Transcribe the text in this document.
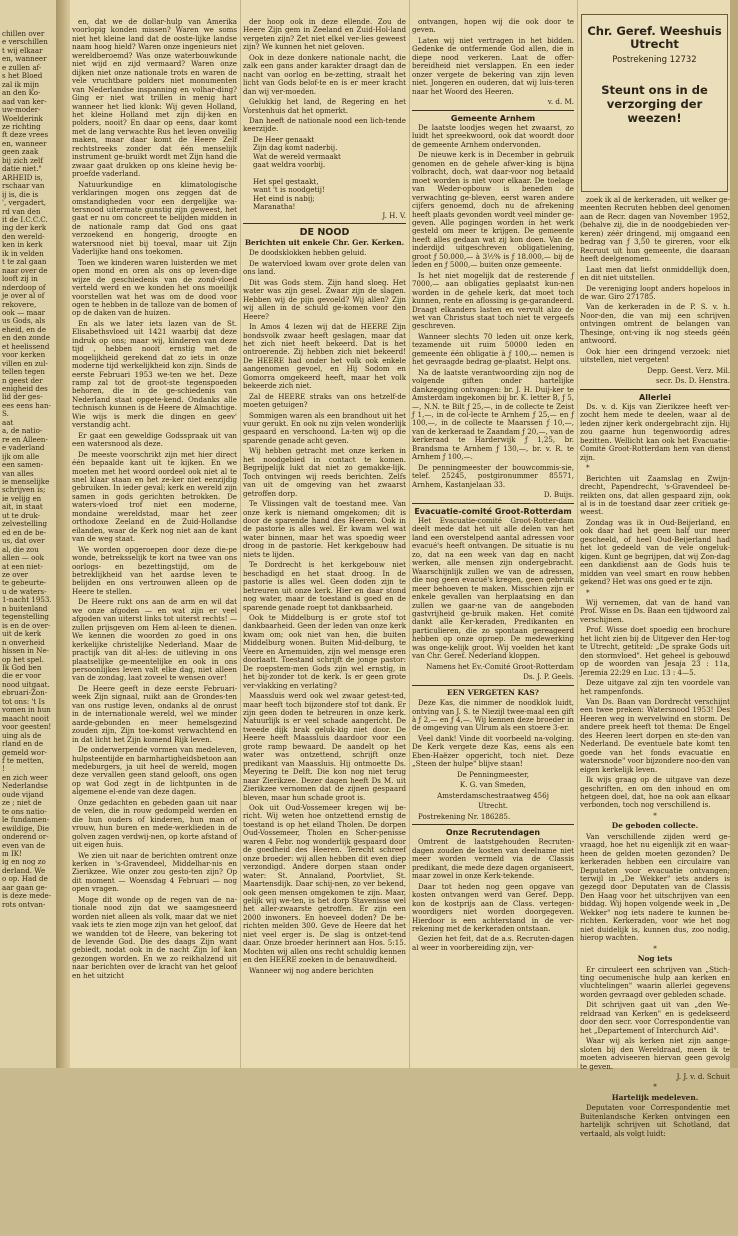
chillen over

e verschillen

t wij elkaar

en, wanneer

e zullen af-

s het Bloed

zal ik mijn

an den Ko-

aad van ker-

uw-moder-

Woelderink

ze richting

ft deze vrees

en, wanneer

geen zaak

bij zich zelf

datie niet."

ARHEID is,

rschaar van

ij is, die is

', vergadert,

rd van den

it de I.C.C.C.

ing der kerk

den wereld-

ken in kerk

ik in velden

t te zal gaan

naar over de

looft zij in

nderdoop of

je over al of

rekovere,

ook — maar

us Gods, als

eheid, en de

en den zonde

et heelissend

voor kerken

villen en zul-

tellen tegen

n geest der

enigheid des

lid der ges-

ees eens han-

S.

aat

a, de natio-

re en Alleen-

e vaderland

ijk om alle

een samen-

van alles

ie menselijke

schrijven is;

ie velijg en

ait, in staat

ut te druk-

zelvestelling

ed en de be-

us, dat over

al, die zou

allen — ook

at een niet-

ze over

te gebeurte-

u de waters-

1-nacht 1953.

n buitenland

tegenstelling

is en de over-

uit de kerk

n onverheid

hissen in Ne-

op het spel.

Ik God ben

die er voor

nood uitgaat.

ebruari-Zon-

tot ons: 't Is

vomen in hun

maacht nooit

voor geesten!

uing als de

rland en de

gemeld wor-

f te metten,

!

en zich weer

Nederlandse

oude vijand

ze ; niet de

te ons natio-

le fundamen-

ewildige, Die

onderend or-

even van de

m IK!

ig en nog zo

derland. We

o op. Had de

aar gaan ge-

is deze mede-

rots ontvan-

en, dat we de dollar-hulp van Amerika voorlopig konden missen? Waren we soms niet het kleine land dat de ooste-lijke landse naam hoog hield? Waren onze ingenieurs niet wereldberoemd? Was onze waterbouwkunde niet wijd en zijd vermaard? Waren onze dijken niet onze nationale trots en waren de vele vruchtbare polders niet monumenten van Nederlandse inspanning en volhar-ding? Ging er niet wat trillen in menig hart wanneer het lied klonk: Wij geven Holland, het kleine Holland met zijn dij-ken en polders, nooit? En daar op eens, daar komt met de lang verwachte Rus het leven onveilig maken, maar daar komt de Heere Zelf rechtstreeks zonder dat één menselijk instrument ge-bruikt wordt met Zijn hand die zwaar gaat drukken op ons kleine hevig be-proefde vaderland.

Natuurkundige en klimatologische verklaringen mogen ons zeggen dat de omstandigheden voor een dergelijke wa-tersnood uitermate gunstig zijn geweest, het gaat er nu om concreet te belijden midden in de nationale ramp dat God ons gaat verzoekend en hongerig, droogte en watersnood niet bij toeval, maar uit Zijn Vaderlijke hand ons toekomen.

Toen we kinderen waren luisterden we met open mond en oren als ons op leven-dige wijze de geschiedenis van de zond-vloed verteld werd en we konden het ons moeilijk voorstellen wat het was om de dood voor ogen te hebben in de talloze van de bomen of op de daken van de huizen.

En als we later iets lazen van de St. Elisabethsvloed uit 1421 waarbij dat deze indruk op ons; maar wij, kinderen van deze tijd , hebben nooit ernstig met de mogelijkheid gerekend dat zo iets in onze moderne tijd werkelijkheid kon zijn. Sinds de eerste Februari 1953 we-ten we het. Deze ramp zal tot de groot-ste tegenspoeden behoren, die in de ge-schiedenis van Nederland staat opgete-kend. Ondanks alle technisch kunnen is de Heere de Almachtige. Wie wijs is merk die dingen en geev' verstandig acht.

Er gaat een geweldige Godsspraak uit van een watersnood als deze.

De meeste voorschrikt zijn met hier direct één bepaalde kant uit te kijken. En we moeten met het woord oordeel ook niet al te snel klaar staan en het ze-ker niet eenzijdig gebruiken. In ieder geval; kerk en wereld zijn samen in gods gerichten betrokken. De waters-vloed trof niet een moderne, mondaine wereldstad, maar het zeer orthodoxe Zeeland en de Zuid-Hollandse eilanden, waar de Kerk nog niet aan de kant van de weg staat.

We worden opgeroepen door deze die-pe wonde, betreksselijk te kort na twee van ons oorlogs- en bezettingstijd, om de betreklijkheid van het aardse leven te belijden en ons vertrouwen alleen op de Heere te stellen.

De Heere rukt ons aan de arm en wil dat we onze afgoden — en wat zijn er veel afgoden van uiterst links tot uiterst rechts! — zullen prijsgeven om Hem al-leen te dienen. We kennen die woorden zo goed in ons kerkelijke christelijke Nederland. Maar de practijk van dit al-les: de uitleving in ons plaatselijke ge-meentelijke en ook in ons persoonlijkes leven valt elke dag, niet alleen van de zondag, laat zoveel te wensen over!

De Heere geeft in deze eerste Februari-week Zijn signaal, ruikt aan de Grondes-ten van ons rustige leven, ondanks al de onrust in de internationale wereld, wel we minder aarde-gebonden en meer hemelsgezind zouden zijn, Zijn toe-komst verwachtend en in dat licht het Zijn komend Rijk leven.

De onderwerpende vormen van medeleven, hulpsteentijde en barmhartigheidsbetoon aan medeburgers, ja uit heel de wereld, mogen deze vervallen geen stand gelooft, ons ogen op wat God zegt in de lichtpunten in de algemene el-ende van deze dagen.

Onze gedachten en gebeden gaan uit naar de velen, die in rouw gedompeld werden en die hun ouders of kinderen, hun man of vrouw, hun buren en mede-werklieden in de golven zagen verdwij-nen, op korte afstand of uit eigen huis.

We zien uit naar de berichten omtrent onze kerken in 's-Gravendeel, Middelhar-nis en Zierikzee. Wie onzer zou gesto-ten zijn? Op dit moment — Woensdag 4 Februari — nog open vragen.

Moge dit wonde op de regen van de na-tionale nood zijn dat we saamgesneerd worden niet alleen als volk, maar dat we niet vaak iets te zien moge zijn van het geloof, dat we wandden tot de Heere, van bekering tot de levende God. Die des daags Zijn want gebiedt, nodat ook in de nacht Zijn lof kan gezongen worden. En we zo reikhalzend uit naar berichten over de kracht van het geloof en het uitzicht

der hoop ook in deze ellende. Zou de Heere Zijn gem in Zeeland en Zuid-Hol-land vergeten zijn? Zet niet elkel ver-lies geweest zijn? We kunnen het niet geloven.

Ook in deze donkere nationale nacht, die zalk een gans ander karakter draagt dan de nacht van oorlog en be-zetting, straalt het licht van Gods belof-te en is er meer kracht dan wij ver-moeden.

Gelukkig het land, de Regering en het Vorstenhuis dat het opmerkt.

Dan heeft de nationale nood een lich-tende keerzijde.

De Heer genaakt

Zijn dag komt naderbij.

Wat de wereld vermaakt

gaat weldra voorbij.

Het spel gestaakt,

want 't is noodgetij!

Het eind is nabij;

Maranatha!

J. H. V.

DE NOOD
Berichten uit enkele Chr. Ger. Kerken.

De doodsklokken hebben geluid.

De watervloed kwam over grote delen van ons land.

Dit was Gods stem. Zijn hand sloeg. Het water was zijn gesel. Zwaar zijn de slagen. Hebben wij de pijn gevoeld? Wij allen? Zijn wij allen in de schuld ge-komen voor den Heere?

In Amos 4 lezen wij dat de HEERE Zijn bondsvolk zwaar heeft geslagen, maar dat het zich niet heeft bekeerd. Dat is het ontroerende. Zij hebben zich niet bekeerd! De HEERE had onder het volk ook enkele aangenomen gevoel, en Hij Sodom en Gomorra omgekeerd heeft, maar het volk bekeerde zich niet.

Zal de HEERE straks van ons hetzelf-de moeten getuigen?

Sommigen waren als een brandhout uit het vuur gerukt. En ook nu zijn velen wonderlijk gespaard en verschoond. La-ten wij op die sparende genade acht geven.

Wij hebben getracht met onze kerken in het noodgebied in contact te komen. Begrijpelijk lukt dat niet zo gemakke-lijk. Toch ontvingen wij reeds berichten. Zelfs van uit de omgeving van het zwaarst getroffen dorp.

Te Vlissingen valt de toestand mee. Van onze kerk is niemand omgekomen; dit is door de sparende hand des Heeren. Ook in de pastorie is alles wel. Er kwam wel wat water binnen, maar het was spoedig weer droog in de pastorie. Het kerkgebouw had niets te lijden.

Te Dordrecht is het kerkgebouw niet beschadigd en het staat droog. In de pastorie is alles wel. Geen doden zijn te betreuren uit onze kerk. Hier en daar stond nog water, maar de toestand is goed en de sparende genade roept tot dankbaarheid.

Ook te Middelburg is er grote stof tot dankbaarheid. Geen der leden van onze kerk kwam om; ook niet van hen, die buiten Middelburg wonen. Buiten Mid-delburg, te Veere en Arnemuiden, zijn wel mensge eren doorlaatt. Toestand schrijft de jonge pastor: De roepstem-men Gods zijn wel ernstig, in het bij-zonder tot de kerk. Is er geen grote ver-vlakking en verlating?

Maassluis werd ook wel zwaar getest-ted, maar heeft toch bijzondere stof tot dank. Er zijn geen doden te betreuren in onze kerk. Natuurlijk is er veel schade aangericht. De tweede dijk brak geluk-kig niet door. De Heere heeft Maassluis daardoor voor een grote ramp bewaard. De aandelt op het water was ontzettend, schrijft onze predikant van Maassluis. Hij ontmoette Ds. Meyering te Delft. Die kon nog niet terug naar Zierikzee. Dezer dagen heeft Ds M. uit Zierikzee vernomen dat de zijnen gespaard bleven, maar hun schade groot is.

Ook uit Oud-Vossemeer kregen wij be-richt. Wij weten hoe ontzettend ernstig de toestand is op het eiland Tholen. De dorpen Oud-Vossemeer, Tholen en Scher-penisse waren 4 Febr. nog wonderlijk gespaard door de goedheid des Heeren. Terecht schreef onze broeder: wij allen hebben dit even diep verzondigd. Andere dorpen staan onder water: St. Annaland, Poortvliet, St. Maartensdijk. Daar schij-nen, zo ver bekend, ook geen mensen omgekomen te zijn. Maar, gelijk wij we-ten, is het dorp Stavenisse wel het aller-zwaarste getroffen. Er zijn een 2000 inwoners. En hoeveel doden? De be-richten melden 300. Geve de Heere dat het niet veel erger is. De slag is ontzet-tend daar. Onze broeder herinnert aan Hos. 5:15. Mochten wij allen ons recht schuldig kennen en den HEERE zoeken in de benauwdheid.

Wanneer wij nog andere berichten

ontvangen, hopen wij die ook door te geven.

Laten wij niet vertragen in het bidden. Gedenke de ontfermende God allen, die in diepe nood verkeren. Laat de offer-bereidheid niet verslappen. En een ieder onzer vergete de bekering van zijn leven niet. Jongeren en ouderen, dat wij luis-teren naar het Woord des Heeren.

v. d. M.

Gemeente Arnhem

De laatste loodjes wegen het zwaarst, zo luidt het spreekwoord, ook dat woordt door de gemeente Arnhem ondervonden.

De nieuwe kerk is in December in gebruik genomen en de gehele afwer-king is bijna volbracht, doch, wat daar-voor nog betaald moet worden is niet voor elkaar. De toelage van Weder-opbouw is beneden de verwachting ge-bleven, eerst waren andere cijfers genoemd, doch nu de afrekening heeft plaats gevonden wordt veel minder ge-geven. Alle pogingen worden in het werk gesteld om meer te krijgen. De gemeente heeft alles gedaan wat zij kon doen. Van de inderdijd uitgeschreven obligatielening, groot ƒ 50.000,— à 3½% is ƒ 18.000,— bij de leden en ƒ 5000,— buiten onze gemeente.

Is het niet mogelijk dat de resterende ƒ 7000,— aan obligaties geplaatst kun-nen worden in de gehele kerk, dat moet toch kunnen, rente en aflossing is ge-garandeerd. Draagt elkanders lasten en vervult alzo de wet van Christus staat toch niet te vergeefs geschreven.

Wanneer slechts 70 leden uit onze kerk, tezamende uit ruim 50000 leden en gemeente één obligatie à ƒ 100,— nemen is het gevraagde bedrag ge-plaatst. Helpt ons.

Na de laatste verantwoording zijn nog de volgende giften onder hartelijke dankzegging ontvangen: br. J. H. Duij-ker te Amsterdam ingekomen bij br. K. letter B, ƒ 5,—, N.N. te Bilt ƒ 25,—, in de collecte te Zeist ƒ 1,—, in de col-lecte te Arnhem ƒ 25,— en ƒ 100,—, in de collecte te Maarssen ƒ 10,—, van de kerkeraad te Zaandam ƒ 20,—, van de kerkeraad te Harderwijk ƒ 1,25, br. Brandsma te Arnhem ƒ 130,—, br. v. R. te Arnhem ƒ 100,—.

De penningmeester der bouwcommis-sie, telef. 25245, postgironummer 85571, Arnhem, Kastanjelaan 33.

D. Buijs.

Evacuatie-comité Groot-Rotterdam

Het Evacuatie-comité Groot-Rotter-dam deelt mede dat het uit alle delen van het land een overstelpend aantal adressen voor evacué's heeft ontvangen. De situatie is nu zo, dat na een week van dag en nacht werken, alle mensen zijn ondergebracht. Waarschijnlijk zullen we van de adressen, die nog geen evacué's kregen, geen gebruik meer behoeven te maken. Misschien zijn er enkele gevallen van herplaatsing en dan zullen we gaar-ne van de aangeboden gastvrijheid ge-bruik maken. Het comité dankt alle Ker-keraden, Predikanten en particulieren, die zo spontaan gereageerd hebben op onze oproep. De medewerking was onge-kelijk groot. Wij voelden het kant van Chr. Geref. Nederland kloppen.

Namens het Ev.-Comité Groot-Rotterdam

Ds. J. P. Geels.

EEN VERGETEN KAS?

Deze Kas, die nimmer de noodklok luidt, ontving van J. S. te Niezijl twee-maal een gift à ƒ 2,— en ƒ 4,—. Wij kennen deze broeder in de omgeving van Ulrum als een stoere 3-er.

Veel dank! Vinde dit voorbeeld na-volging. De Kerk vergete deze Kas, eens als een Eben-Haëzer opgericht, toch niet. Deze „Steen der hulpe" blijve staan!

De Penningmeester,

K. G. van Smeden,

Amsterdamschestraatweg 456j

Utrecht.

Postrekening Nr. 186285.

Onze Recrutendagen

Omtrent de laatstgehouden Recruten-dagen zouden de kosten van deelname niet meer worden vermeld via de Classis predikant, die mede deze dagen organiseert, maar zowel in onze Kerk-tekende.

Daar tot heden nog geen opgave van kosten ontvangen werd van Geref. Depp. kon de kostprijs aan de Class. vertegen-woordigers niet worden doorgegeven. Hierdoor is een achterstand in de ver-rekening met de kerkeraden ontstaan.

Gezien het feit, dat de a.s. Recruten-dagen al weer in voorbereiding zijn, ver-

Chr. Geref. Weeshuis
Utrecht
Postrekening 12732
Steunt ons in de
verzorging der weezen!

zoek ik al de kerkeraden, uit welker ge-meenten Recruten hebben deel genomen aan de Recr. dagen van November 1952, (behalve zij, die in de noodgebieden ver-keren) zéér dringend, mij omgaand een bedrag van ƒ 3,50 te gireren, voor elk Recruut uit hun gemeente, die daaraan heeft deelgenomen.

Laat men dat liefst onmiddellijk doen, en dit niet uitstellen.

De vereniging loopt anders hopeloos in de war. Giro 271785.

Van de kerkeraden in de P. S. v. h. Noor-den, die van mij een schrijven ontvingen omtrent de belangen van Thesinge, ont-ving ik nog steeds géén antwoord.

Ook hier een dringend verzoek: niet uitstellen, niet vergeten!

Depp. Geest. Verz. Mil.

secr. Ds. D. Henstra.

Allerlei

Ds. v. d. Kijs van Zierikzee heeft ver-zocht hem mede te deelen, waar al de leden zijner kerk ondergebracht zijn. Hij zou gaarne hun tegenwoordig adres bezitten. Wellicht kan ook het Evacuatie-Comité Groot-Rotterdam hem van dienst zijn.

*

Berichten uit Zaamslag en Zwijn-drecht, Papendrecht, 's-Gravendeel be-reikten ons, dat allen gespaard zijn, ook al is in de toestand daar zeer critiek ge-weest.

Zondag was ik in Oud-Beijerland, en ook daar had het geen half uur meer gescheeld, of heel Oud-Beijerland had het lot gedeeld van de vele ongeluk-kigen. Kunt ge begrijpen, dat wij Zon-dag een dankdienst aan de Gods huis te midden van veel smart en rouw hebben gekend? Het was ons goed er te zijn.

*

Wij vernemen, dat van de hand van Prof. Wisse en Ds. Baan een tijdwoord zal verschijnen.

Prof. Wisse doet spoedig een brochure het licht zien bij de Uitgever den Her-tog te Utrecht, getiteld: „De sprake Gods uit den stormvloed". Het geheel is gebouwd op de woorden van Jesaja 23 : 11a, Jeremia 22:29 en Luc. 13 : 4—5.

Deze uitgave zal zijn ten voordele van het rampenfonds.

Van Ds. Baan van Dordrecht verschijnt een twee preken: Watersnood 1953! Des Heeren weg in wervelwind en storm. De andere preek heeft tot thema: De Engel des Heeren leert dorpen en ste-den van Nederland. De eventuele bate komt ten goede van het fonds evacuatie en watersnode" voor bijzondere noo-den van eigen kerkelijk leven.

Ik wijs graag op de uitgave van deze geschriften, en om den inhoud en om hetgeen doel, dat, hoe na ook aan elkaar verbonden, toch nog verschillend is.

*

De geboden collecte.

Van verschillende zijden werd ge-vraagd, hoe het nu eigenlijk zit en waar-heen de gelden moeten gezonden? De kerkeraden hebben een circulaire van Deputaten voor evacuatie ontvangen; terwijl in „De Wekker" iets anders is gezegd door Deputaten van de Classis Den Haag voor het uitschrijven van een biddag. Wij hopen volgende week in „De Wekker" nog iets nadere te kunnen be-richten. Kerkeraden, voor wie het nog niet duidelijk is, kunnen dus, zoo nodig, hierop wachten.

*

Nog iets

Er circuleert een schrijven van „Stich-ting oecumenische hulp aan kerken en vluchtelingen" waarin allerlei gegevens worden gevraagd over gebleden schade.

Dit schrijven gaat uit van „den We-reldraad van Kerken" en is gedekseerd door den secr. voor Correspondentie van het „Departement of Interchurch Aid".

Waar wij als kerken niet zijn aange-sloten bij den Wereldraad, meen ik te moeten adviseeren hiervan geen gevolg te geven.

J. J. v. d. Schuit

*

Hartelijk medeleven.

Deputaten voor Correspondentie met Buitenlandsche Kerken ontvingen een hartelijk schrijven uit Schotland, dat vertaald, als volgt luidt:
